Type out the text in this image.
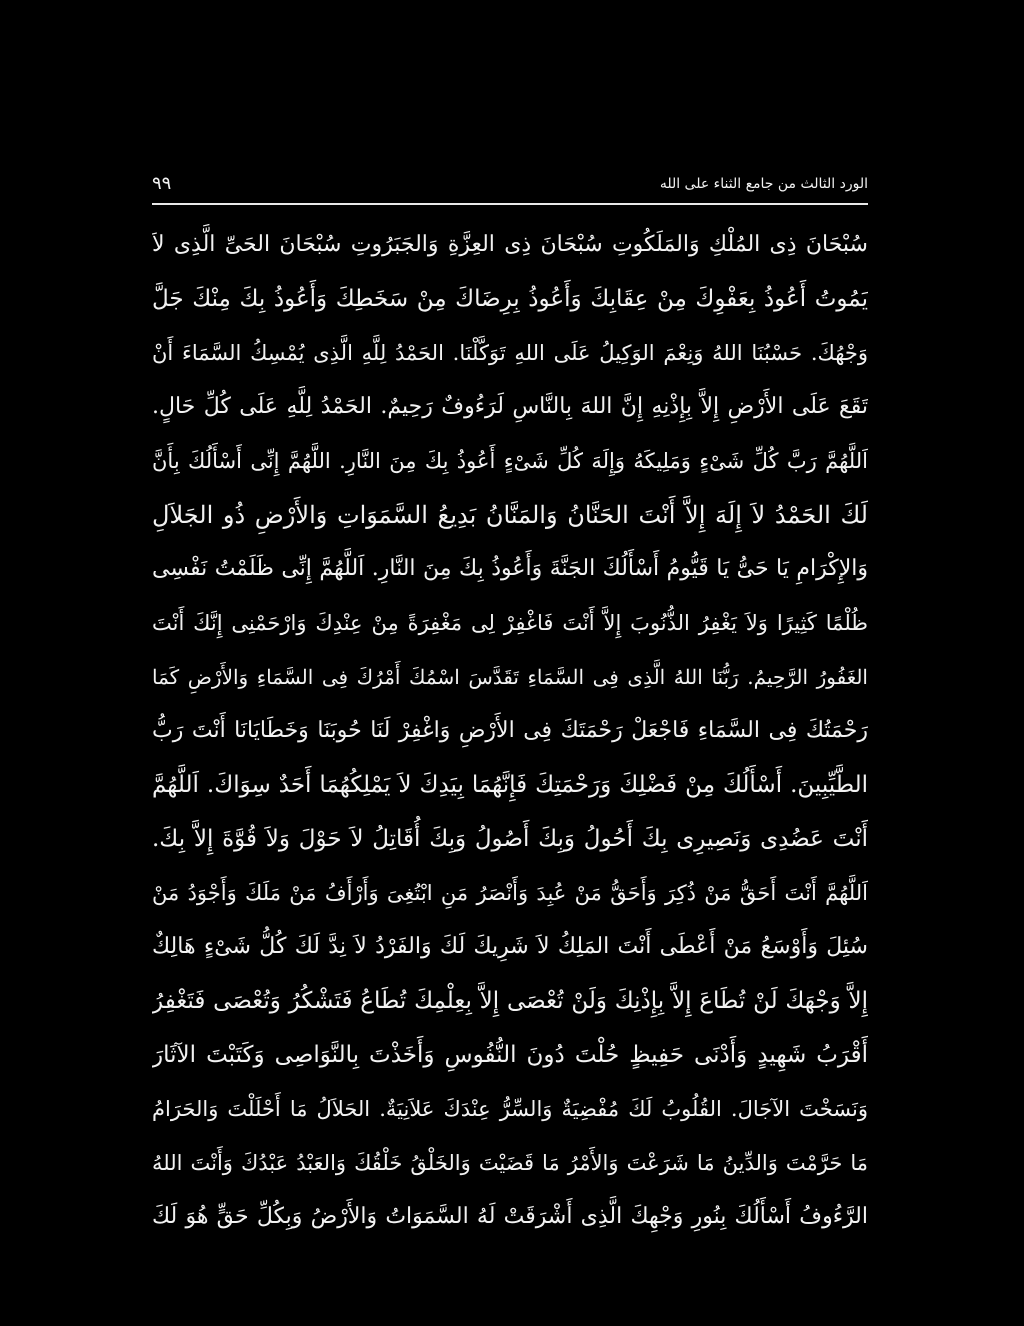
٩٩	الورد الثالث من جامع الثناء على الله
سُبْحَانَ ذِى المُلْكِ وَالمَلَكُوتِ سُبْحَانَ ذِى العِزَّةِ وَالجَبَرُوتِ سُبْحَانَ الحَىِّ الَّذِى لاَ
يَمُوتُ أَعُوذُ بِعَفْوِكَ مِنْ عِقَابِكَ وَأَعُوذُ بِرِضَاكَ مِنْ سَخَطِكَ وَأَعُوذُ بِكَ مِنْكَ جَلَّ
وَجْهُكَ. حَسْبُنَا اللهُ وَنِعْمَ الوَكِيلُ عَلَى اللهِ تَوَكَّلْنَا. الحَمْدُ لِلَّهِ الَّذِى يُمْسِكُ السَّمَاءَ أَنْ
تَقَعَ عَلَى الأَرْضِ إِلاَّ بِإِذْنِهِ إِنَّ اللهَ بِالنَّاسِ لَرَءُوفٌ رَحِيمٌ. الحَمْدُ لِلَّهِ عَلَى كُلِّ حَالٍ.
اَللَّهُمَّ رَبَّ كُلِّ شَىْءٍ وَمَلِيكَهُ وَإِلَهَ كُلِّ شَىْءٍ أَعُوذُ بِكَ مِنَ النَّارِ. اللَّهُمَّ إِنِّى أَسْأَلُكَ بِأَنَّ
لَكَ الحَمْدُ لاَ إِلَهَ إِلاَّ أَنْتَ الحَنَّانُ وَالمَنَّانُ بَدِيعُ السَّمَوَاتِ وَالأَرْضِ ذُو الجَلاَلِ
وَالإِكْرَامِ يَا حَىُّ يَا قَيُّومُ أَسْأَلُكَ الجَنَّةَ وَأَعُوذُ بِكَ مِنَ النَّارِ. اَللَّهُمَّ إِنِّى ظَلَمْتُ نَفْسِى
ظُلْمًا كَثِيرًا وَلاَ يَغْفِرُ الذُّنُوبَ إِلاَّ أَنْتَ فَاغْفِرْ لِى مَغْفِرَةً مِنْ عِنْدِكَ وَارْحَمْنِى إِنَّكَ أَنْتَ
الغَفُورُ الرَّحِيمُ. رَبُّنَا اللهُ الَّذِى فِى السَّمَاءِ تَقَدَّسَ اسْمُكَ أَمْرُكَ فِى السَّمَاءِ وَالأَرْضِ كَمَا
رَحْمَتُكَ فِى السَّمَاءِ فَاجْعَلْ رَحْمَتَكَ فِى الأَرْضِ وَاغْفِرْ لَنَا حُوبَنَا وَخَطَايَانَا أَنْتَ رَبُّ
الطَّيِّبِينَ. أَسْأَلُكَ مِنْ فَضْلِكَ وَرَحْمَتِكَ فَإِنَّهُمَا بِيَدِكَ لاَ يَمْلِكُهُمَا أَحَدٌ سِوَاكَ. اَللَّهُمَّ
أَنْتَ عَضُدِى وَنَصِيرِى بِكَ أَحُولُ وَبِكَ أَصُولُ وَبِكَ أُقَاتِلُ لاَ حَوْلَ وَلاَ قُوَّةَ إِلاَّ بِكَ.
اَللَّهُمَّ أَنْتَ أَحَقُّ مَنْ ذُكِرَ وَأَحَقُّ مَنْ عُبِدَ وَأَنْصَرُ مَنِ ابْتُغِىَ وَأَرْأَفُ مَنْ مَلَكَ وَأَجْوَدُ مَنْ
سُئِلَ وَأَوْسَعُ مَنْ أَعْطَى أَنْتَ المَلِكُ لاَ شَرِيكَ لَكَ وَالفَرْدُ لاَ نِدَّ لَكَ كُلُّ شَىْءٍ هَالِكٌ
إِلاَّ وَجْهَكَ لَنْ تُطَاعَ إِلاَّ بِإِذْنِكَ وَلَنْ تُعْصَى إِلاَّ بِعِلْمِكَ تُطَاعُ فَتَشْكُرُ وَتُعْصَى فَتَغْفِرُ
أَقْرَبُ شَهِيدٍ وَأَدْنَى حَفِيظٍ حُلْتَ دُونَ النُّفُوسِ وَأَخَذْتَ بِالنَّوَاصِى وَكَتَبْتَ الآثَارَ
وَنَسَخْتَ الآجَالَ. القُلُوبُ لَكَ مُفْضِيَةٌ وَالسِّرُّ عِنْدَكَ عَلاَنِيَةٌ. الحَلاَلُ مَا أَحْلَلْتَ وَالحَرَامُ
مَا حَرَّمْتَ وَالدِّينُ مَا شَرَعْتَ وَالأَمْرُ مَا قَضَيْتَ وَالخَلْقُ خَلْقُكَ وَالعَبْدُ عَبْدُكَ وَأَنْتَ اللهُ
الرَّءُوفُ أَسْأَلُكَ بِنُورِ وَجْهِكَ الَّذِى أَشْرَقَتْ لَهُ السَّمَوَاتُ وَالأَرْضُ وَبِكُلِّ حَقٍّ هُوَ لَكَ
